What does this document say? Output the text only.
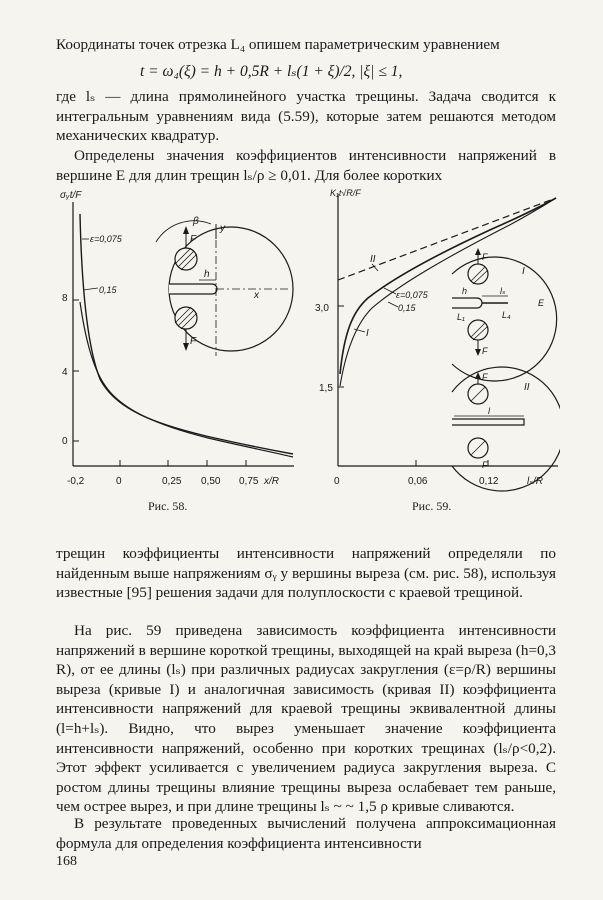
Координаты точек отрезка L₄ опишем параметрическим уравнением

t = ω₄(ξ) = h + 0,5R + lₛ(1 + ξ)/2, |ξ| ≤ 1,

где lₛ — длина прямолинейного участка трещины. Задача сводится к интегральным уравнениям вида (5.59), которые затем решаются методом механических квадратур.

Определены значения коэффициентов интенсивности напряжений в вершине E для длин трещин lₛ/ρ ≥ 0,01. Для более коротких

σᵧt/F
x/R
8
4
0
-0,2	0	0,25 0,50 0,75
ε=0,075
0,15
β
y
F
h
x
F
Рис. 58.
K₁t√R/F
lₛ/R
3,0
1,5
0	0,06	0,12
II
ε=0,075
0,15
I
F
I
h	lₛ
E
L₁	L₄
F
F
II
l
F
Рис. 59.

трещин коэффициенты интенсивности напряжений определяли по найденным выше напряжениям σᵧ у вершины выреза (см. рис. 58), используя известные [95] решения задачи для полуплоскости с краевой трещиной.

На рис. 59 приведена зависимость коэффициента интенсивности напряжений в вершине короткой трещины, выходящей на край выреза (h=0,3 R), от ее длины (lₛ) при различных радиусах закругления (ε=ρ/R) вершины выреза (кривые I) и аналогичная зависимость (кривая II) коэффициента интенсивности напряжений для краевой трещины эквивалентной длины (l=h+lₛ). Видно, что вырез уменьшает значение коэффициента интенсивности напряжений, особенно при коротких трещинах (lₛ/ρ<0,2). Этот эффект усиливается с увеличением радиуса закругления выреза. С ростом длины трещины влияние трещины выреза ослабевает тем раньше, чем острее вырез, и при длине трещины lₛ ~ ~ 1,5 ρ кривые сливаются.

В результате проведенных вычислений получена аппроксимационная формула для определения коэффициента интенсивности

168
